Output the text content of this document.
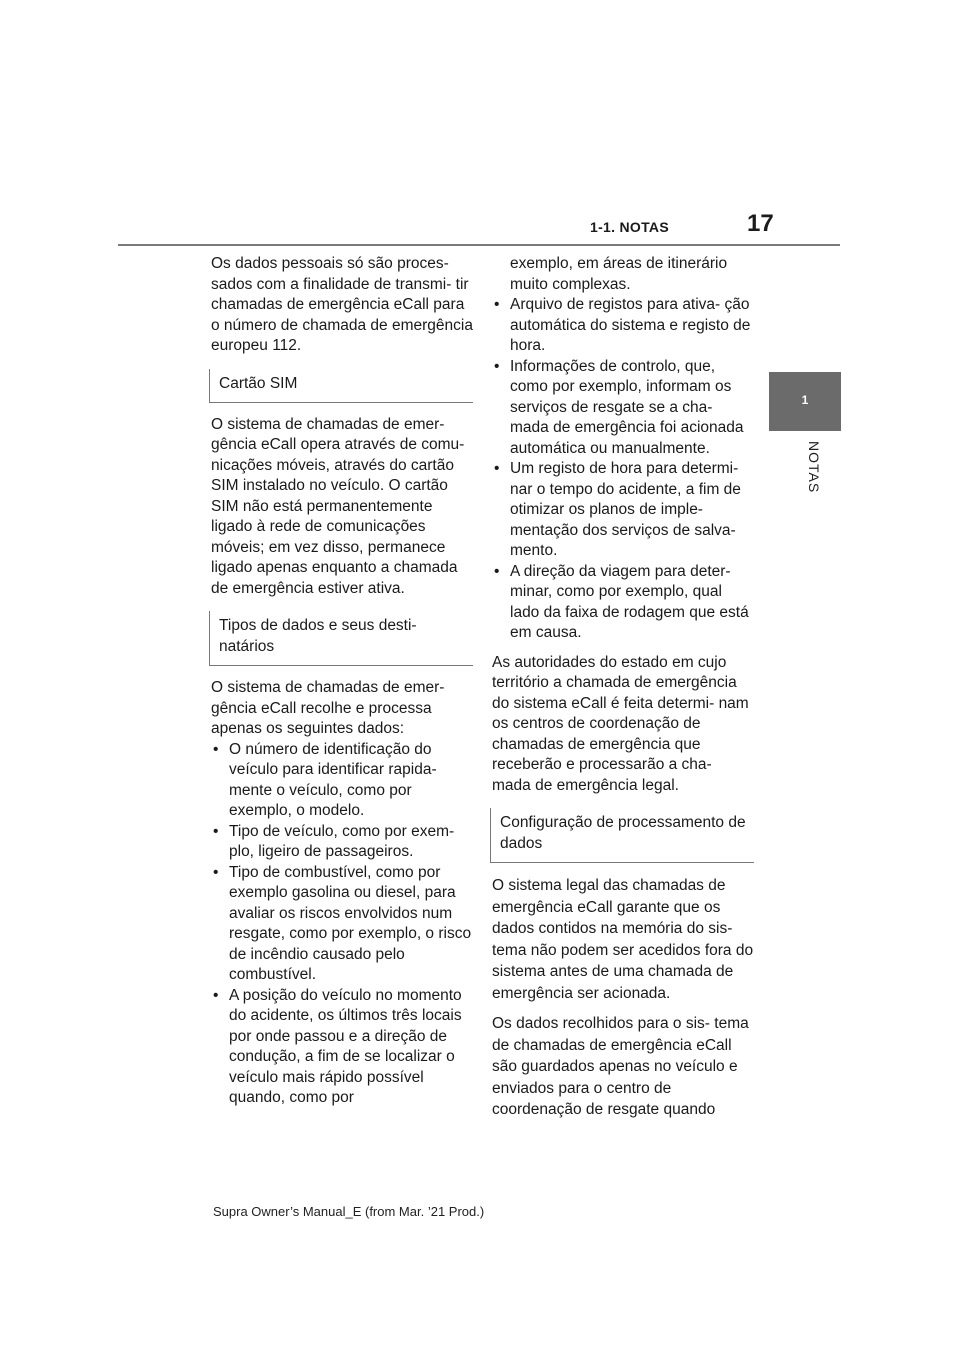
1-1. NOTAS	17
1
NOTAS

Os dados pessoais só são proces- sados com a finalidade de transmi- tir chamadas de emergência eCall para o número de chamada de emergência europeu 112.

Cartão SIM

O sistema de chamadas de emer- gência eCall opera através de comu- nicações móveis, através do cartão SIM instalado no veículo. O cartão SIM não está permanentemente ligado à rede de comunicações móveis; em vez disso, permanece ligado apenas enquanto a chamada de emergência estiver ativa.

Tipos de dados e seus desti- natários

O sistema de chamadas de emer- gência eCall recolhe e processa apenas os seguintes dados:

• O número de identificação do veículo para identificar rapida- mente o veículo, como por exemplo, o modelo.
• Tipo de veículo, como por exem- plo, ligeiro de passageiros.
• Tipo de combustível, como por exemplo gasolina ou diesel, para avaliar os riscos envolvidos num resgate, como por exemplo, o risco de incêndio causado pelo combustível.
• A posição do veículo no momento do acidente, os últimos três locais por onde passou e a direção de condução, a fim de se localizar o veículo mais rápido possível quando, como por
exemplo, em áreas de itinerário muito complexas.
• Arquivo de registos para ativa- ção automática do sistema e registo de hora.
• Informações de controlo, que, como por exemplo, informam os serviços de resgate se a cha- mada de emergência foi acionada automática ou manualmente.
• Um registo de hora para determi- nar o tempo do acidente, a fim de otimizar os planos de imple- mentação dos serviços de salva- mento.
• A direção da viagem para deter- minar, como por exemplo, qual lado da faixa de rodagem que está em causa.

As autoridades do estado em cujo território a chamada de emergência do sistema eCall é feita determi- nam os centros de coordenação de chamadas de emergência que receberão e processarão a cha- mada de emergência legal.

Configuração de processamento de dados

O sistema legal das chamadas de emergência eCall garante que os dados contidos na memória do sis- tema não podem ser acedidos fora do sistema antes de uma chamada de emergência ser acionada.

Os dados recolhidos para o sis- tema de chamadas de emergência eCall são guardados apenas no veículo e enviados para o centro de coordenação de resgate quando

Supra Owner’s Manual_E (from Mar. ’21 Prod.)
